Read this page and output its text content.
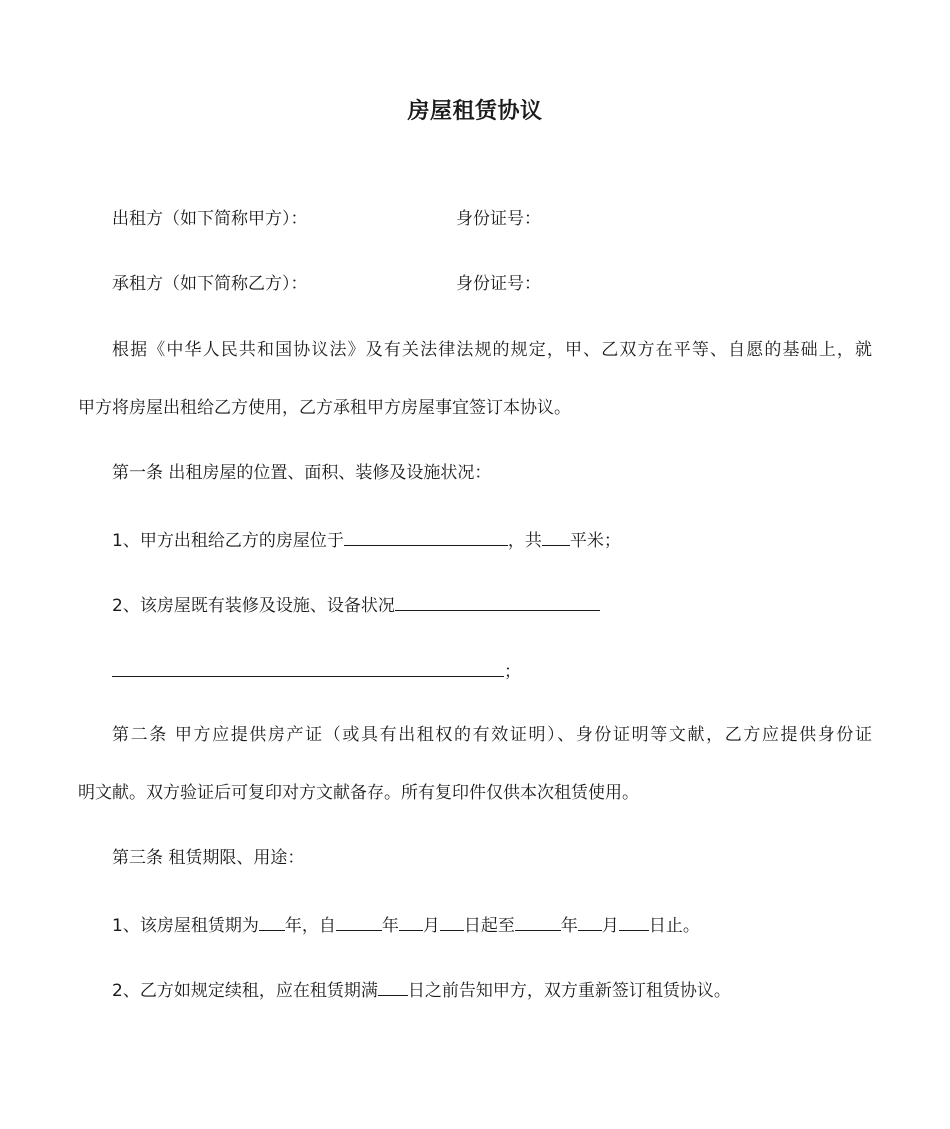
房屋租赁协议
出租方（如下简称甲方）：	身份证号：
承租方（如下简称乙方）：	身份证号：
根据《中华人民共和国协议法》及有关法律法规的规定，甲、乙双方在平等、自愿的基础上，就
甲方将房屋出租给乙方使用，乙方承租甲方房屋事宜签订本协议。
第一条 出租房屋的位置、面积、装修及设施状况：
1、甲方出租给乙方的房屋位于	，共 平米；
2、该房屋既有装修及设施、设备状况
；
第二条 甲方应提供房产证（或具有出租权的有效证明）、身份证明等文献，乙方应提供身份证
明文献。双方验证后可复印对方文献备存。所有复印件仅供本次租赁使用。
第三条 租赁期限、用途：
1、该房屋租赁期为 年，自	年 月 日起至	年 月 日止。
2、乙方如规定续租，应在租赁期满 日之前告知甲方，双方重新签订租赁协议。
